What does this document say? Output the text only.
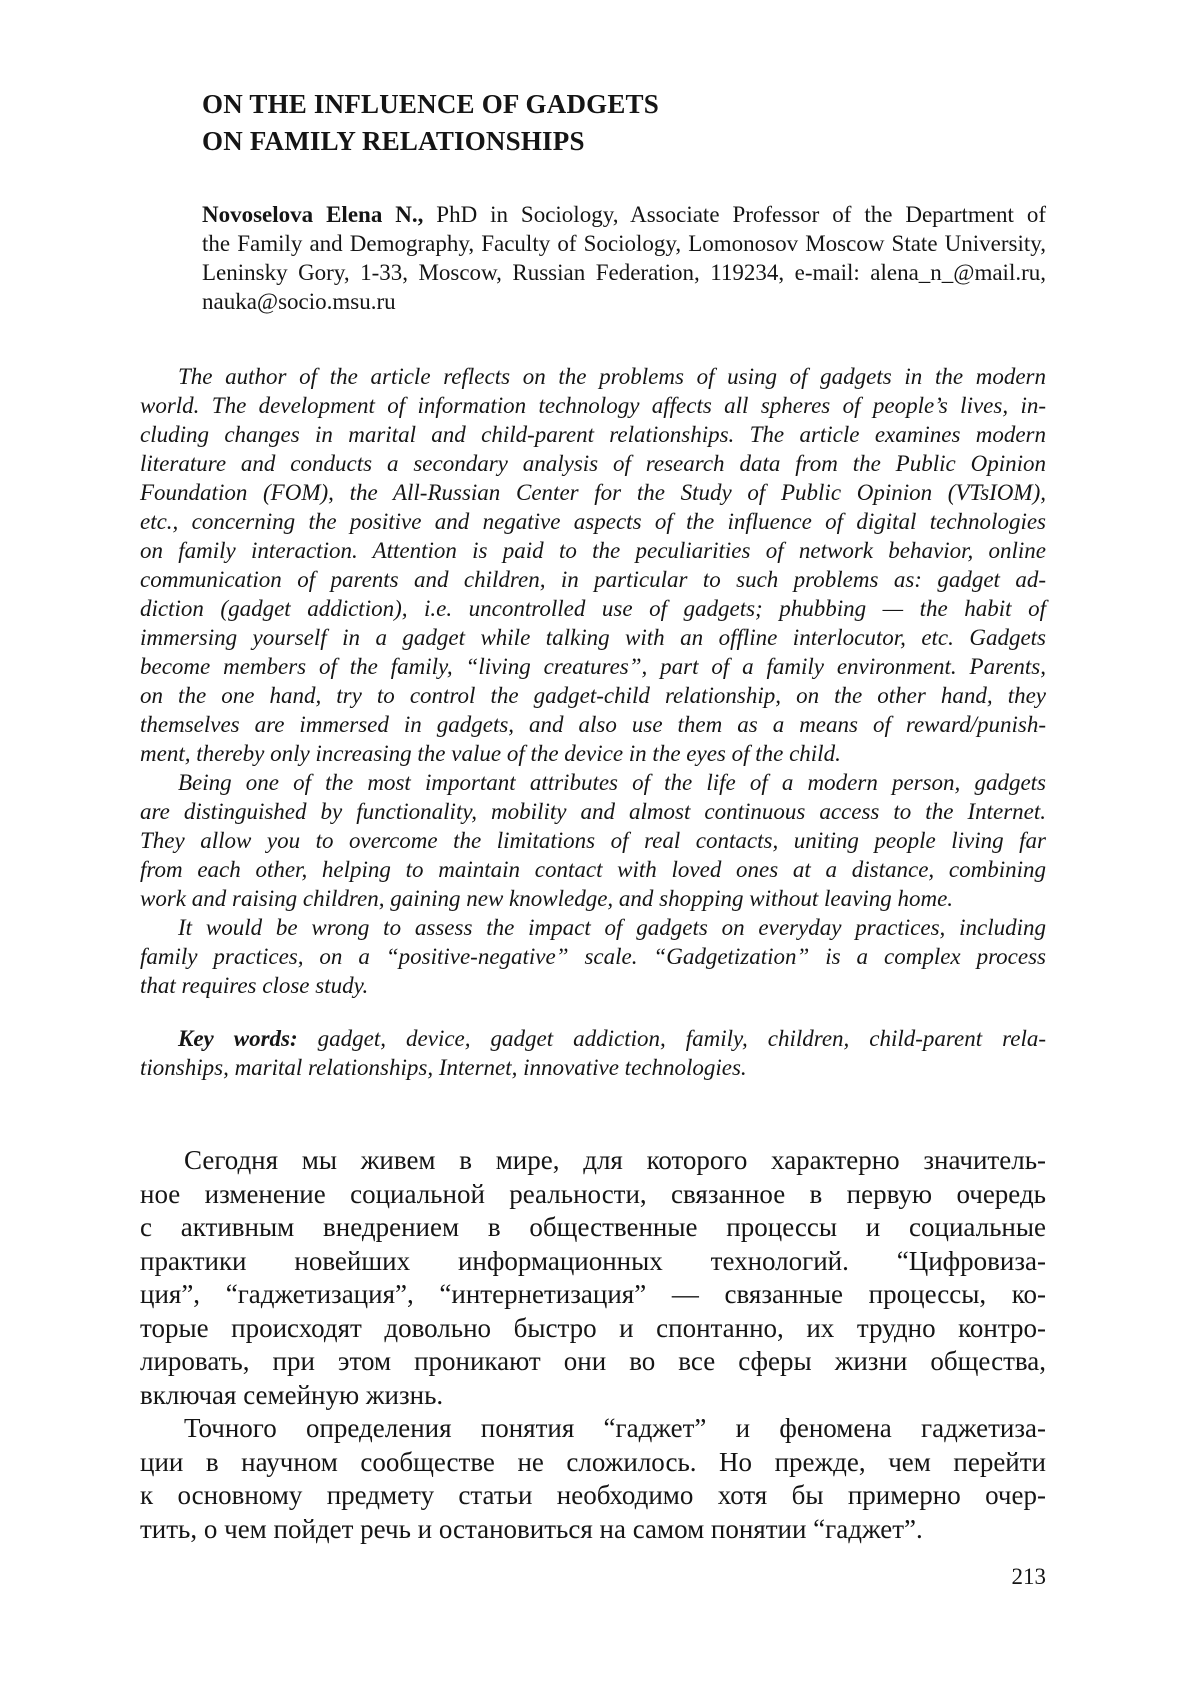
ON THE INFLUENCE OF GADGETS
ON FAMILY RELATIONSHIPS
Novoselova Elena N., PhD in Sociology, Associate Professor of the Department of
the Family and Demography, Faculty of Sociology, Lomonosov Moscow State University,
Leninsky Gory, 1-33, Moscow, Russian Federation, 119234, e-mail: alena_n_@mail.ru,
nauka@socio.msu.ru
The author of the article reflects on the problems of using of gadgets in the modern
world. The development of information technology affects all spheres of people’s lives, in-
cluding changes in marital and child-parent relationships. The article examines modern
literature and conducts a secondary analysis of research data from the Public Opinion
Foundation (FOM), the All-Russian Center for the Study of Public Opinion (VTsIOM),
etc., concerning the positive and negative aspects of the influence of digital technologies
on family interaction. Attention is paid to the peculiarities of network behavior, online
communication of parents and children, in particular to such problems as: gadget ad-
diction (gadget addiction), i.e. uncontrolled use of gadgets; phubbing — the habit of
immersing yourself in a gadget while talking with an offline interlocutor, etc. Gadgets
become members of the family, “living creatures”, part of a family environment. Parents,
on the one hand, try to control the gadget-child relationship, on the other hand, they
themselves are immersed in gadgets, and also use them as a means of reward/punish-
ment, thereby only increasing the value of the device in the eyes of the child.
Being one of the most important attributes of the life of a modern person, gadgets
are distinguished by functionality, mobility and almost continuous access to the Internet.
They allow you to overcome the limitations of real contacts, uniting people living far
from each other, helping to maintain contact with loved ones at a distance, combining
work and raising children, gaining new knowledge, and shopping without leaving home.
It would be wrong to assess the impact of gadgets on everyday practices, including
family practices, on a “positive-negative” scale. “Gadgetization” is a complex process
that requires close study.
Key words: gadget, device, gadget addiction, family, children, child-parent rela-
tionships, marital relationships, Internet, innovative technologies.
Сегодня мы живем в мире, для которого характерно значитель-
ное изменение социальной реальности, связанное в первую очередь
с активным внедрением в общественные процессы и социальные
практики новейших информационных технологий. “Цифровиза-
ция”, “гаджетизация”, “интернетизация” — связанные процессы, ко-
торые происходят довольно быстро и спонтанно, их трудно контро-
лировать, при этом проникают они во все сферы жизни общества,
включая семейную жизнь.
Точного определения понятия “гаджет” и феномена гаджетиза-
ции в научном сообществе не сложилось. Но прежде, чем перейти
к основному предмету статьи необходимо хотя бы примерно очер-
тить, о чем пойдет речь и остановиться на самом понятии “гаджет”.
213
